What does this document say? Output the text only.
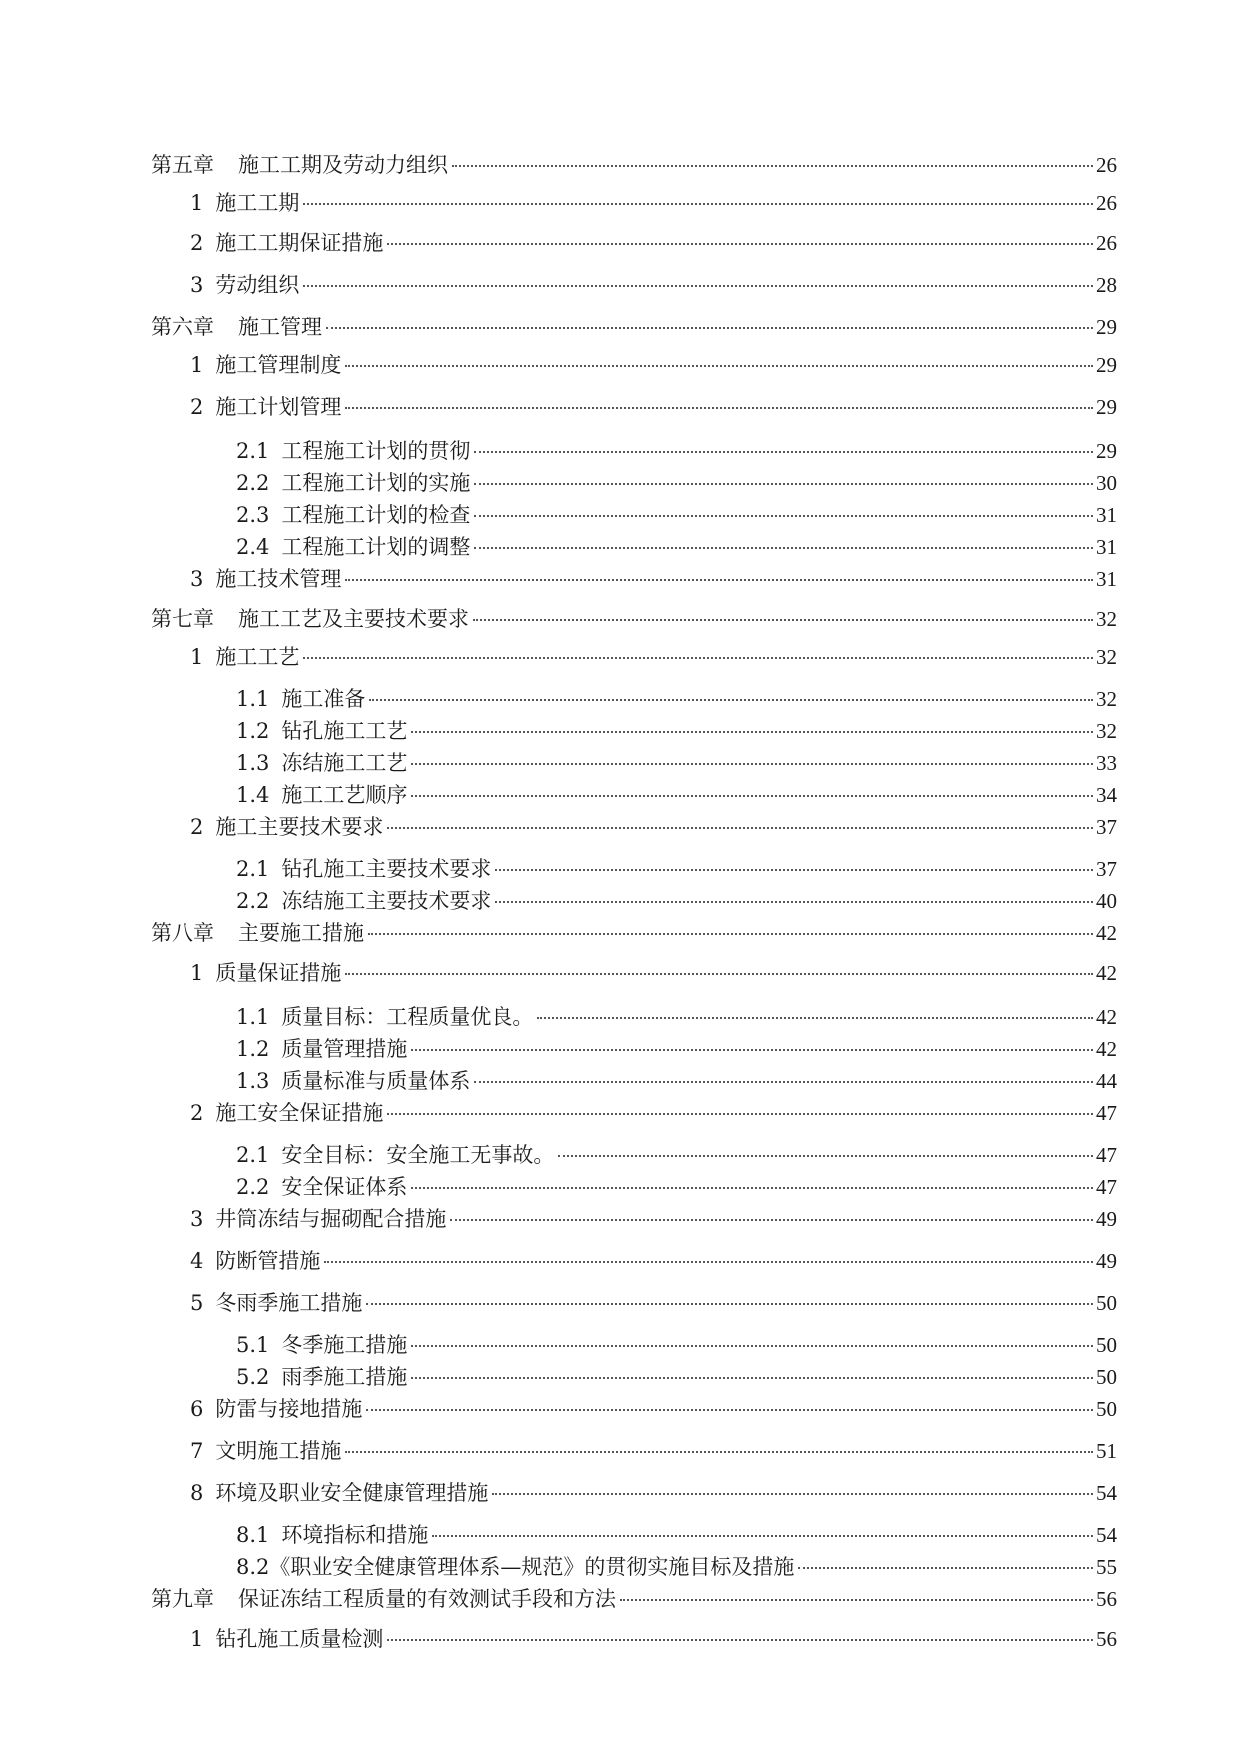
第五章 施工工期及劳动力组织	26
1 施工工期	26
2 施工工期保证措施	26
3 劳动组织	28
第六章 施工管理	29
1 施工管理制度	29
2 施工计划管理	29
2.1 工程施工计划的贯彻	29
2.2 工程施工计划的实施	30
2.3 工程施工计划的检查	31
2.4 工程施工计划的调整	31
3 施工技术管理	31
第七章 施工工艺及主要技术要求	32
1 施工工艺	32
1.1 施工准备	32
1.2 钻孔施工工艺	32
1.3 冻结施工工艺	33
1.4 施工工艺顺序	34
2 施工主要技术要求	37
2.1 钻孔施工主要技术要求	37
2.2 冻结施工主要技术要求	40
第八章 主要施工措施	42
1 质量保证措施	42
1.1 质量目标：工程质量优良。	42
1.2 质量管理措施	42
1.3 质量标准与质量体系	44
2 施工安全保证措施	47
2.1 安全目标：安全施工无事故。	47
2.2 安全保证体系	47
3 井筒冻结与掘砌配合措施	49
4 防断管措施	49
5 冬雨季施工措施	50
5.1 冬季施工措施	50
5.2 雨季施工措施	50
6 防雷与接地措施	50
7 文明施工措施	51
8 环境及职业安全健康管理措施	54
8.1 环境指标和措施	54
8.2 《职业安全健康管理体系—规范》的贯彻实施目标及措施	55
第九章 保证冻结工程质量的有效测试手段和方法	56
1 钻孔施工质量检测	56
